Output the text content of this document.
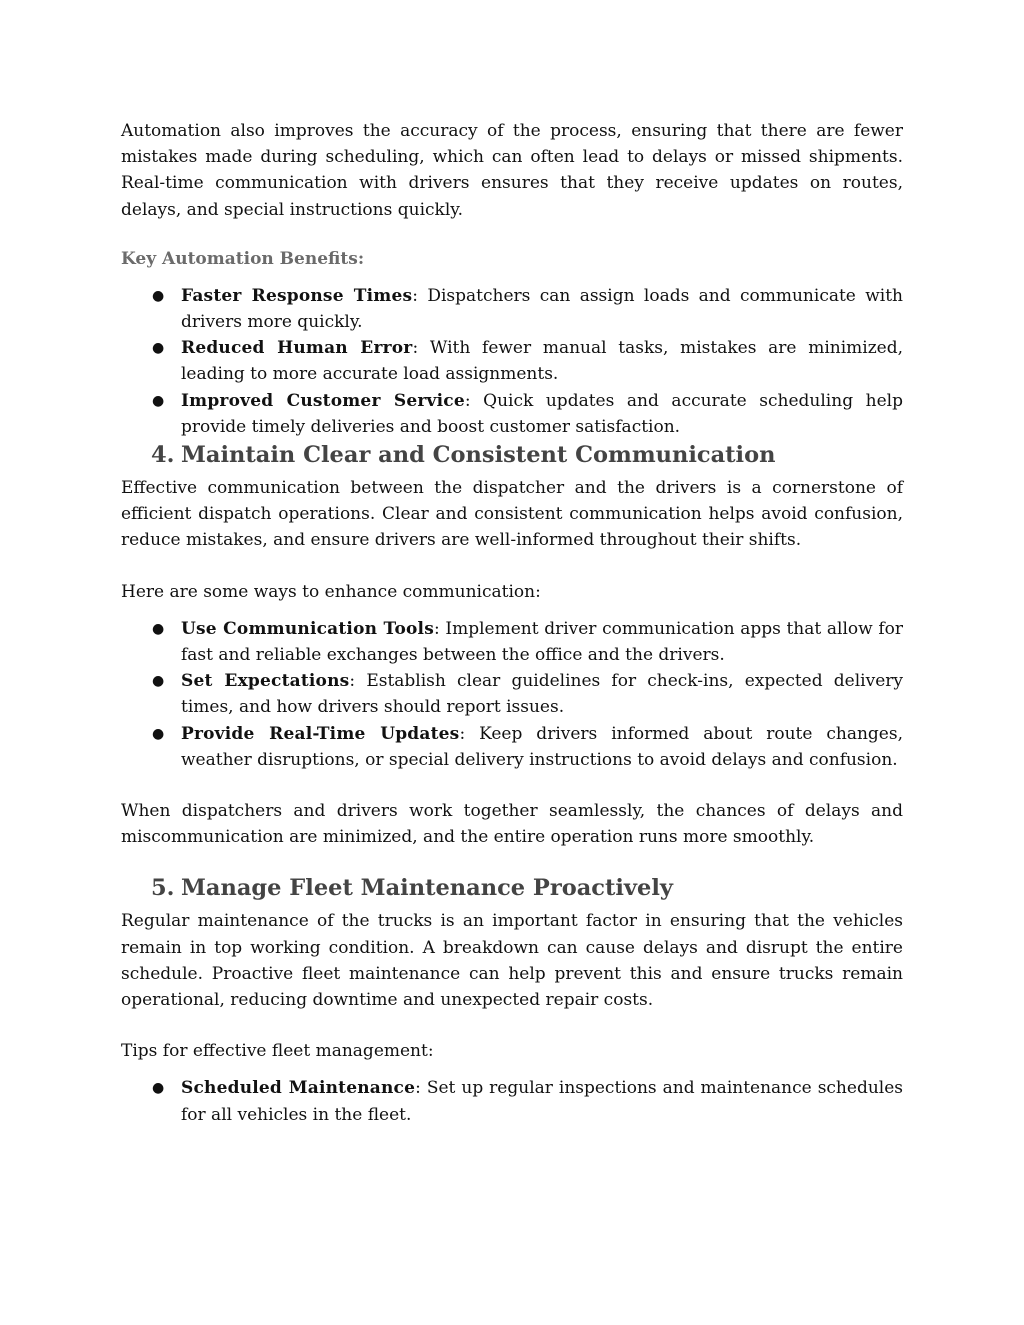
Automation also improves the accuracy of the process, ensuring that there are fewer mistakes made during scheduling, which can often lead to delays or missed shipments. Real-time communication with drivers ensures that they receive updates on routes, delays, and special instructions quickly.

Key Automation Benefits:

● Faster Response Times: Dispatchers can assign loads and communicate with drivers more quickly.
● Reduced Human Error: With fewer manual tasks, mistakes are minimized, leading to more accurate load assignments.
● Improved Customer Service: Quick updates and accurate scheduling help provide timely deliveries and boost customer satisfaction.
4. Maintain Clear and Consistent Communication

Effective communication between the dispatcher and the drivers is a cornerstone of efficient dispatch operations. Clear and consistent communication helps avoid confusion, reduce mistakes, and ensure drivers are well-informed throughout their shifts.

Here are some ways to enhance communication:

● Use Communication Tools: Implement driver communication apps that allow for fast and reliable exchanges between the office and the drivers.
● Set Expectations: Establish clear guidelines for check-ins, expected delivery times, and how drivers should report issues.
● Provide Real-Time Updates: Keep drivers informed about route changes, weather disruptions, or special delivery instructions to avoid delays and confusion.

When dispatchers and drivers work together seamlessly, the chances of delays and miscommunication are minimized, and the entire operation runs more smoothly.

5. Manage Fleet Maintenance Proactively

Regular maintenance of the trucks is an important factor in ensuring that the vehicles remain in top working condition. A breakdown can cause delays and disrupt the entire schedule. Proactive fleet maintenance can help prevent this and ensure trucks remain operational, reducing downtime and unexpected repair costs.

Tips for effective fleet management:

● Scheduled Maintenance: Set up regular inspections and maintenance schedules for all vehicles in the fleet.
